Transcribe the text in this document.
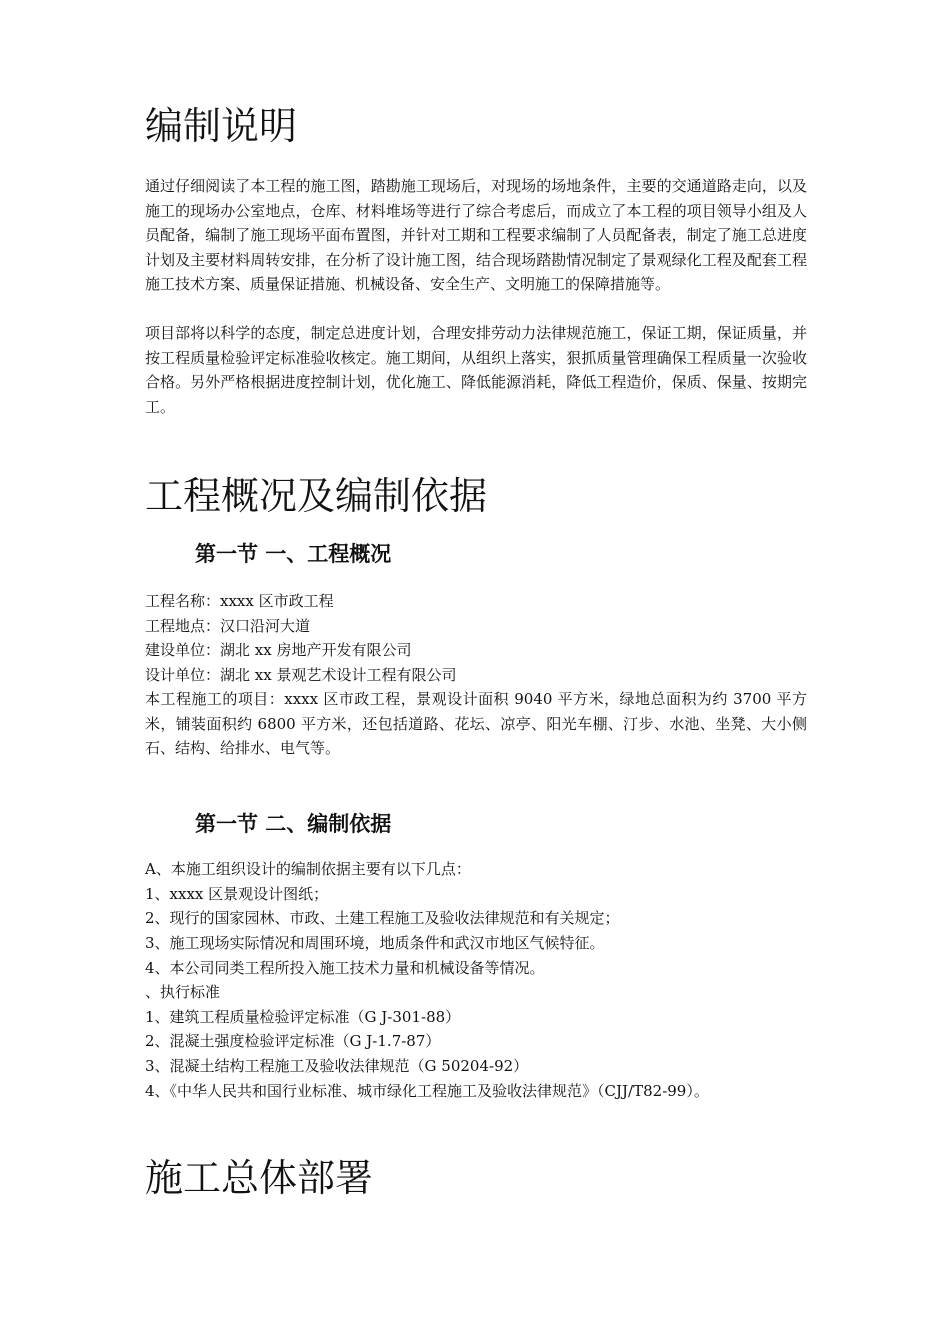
编制说明

通过仔细阅读了本工程的施工图，踏勘施工现场后，对现场的场地条件，主要的交通道路走向，以及施工的现场办公室地点，仓库、材料堆场等进行了综合考虑后，而成立了本工程的项目领导小组及人员配备，编制了施工现场平面布置图，并针对工期和工程要求编制了人员配备表，制定了施工总进度计划及主要材料周转安排，在分析了设计施工图，结合现场踏勘情况制定了景观绿化工程及配套工程施工技术方案、质量保证措施、机械设备、安全生产、文明施工的保障措施等。

项目部将以科学的态度，制定总进度计划，合理安排劳动力法律规范施工，保证工期，保证质量，并按工程质量检验评定标准验收核定。施工期间，从组织上落实，狠抓质量管理确保工程质量一次验收合格。另外严格根据进度控制计划，优化施工、降低能源消耗，降低工程造价，保质、保量、按期完工。

工程概况及编制依据
第一节 一、工程概况

工程名称：xxxx 区市政工程

工程地点：汉口沿河大道

建设单位：湖北 xx 房地产开发有限公司

设计单位：湖北 xx 景观艺术设计工程有限公司

本工程施工的项目：xxxx 区市政工程，景观设计面积 9040 平方米，绿地总面积为约 3700 平方米，铺装面积约 6800 平方米，还包括道路、花坛、凉亭、阳光车棚、汀步、水池、坐凳、大小侧石、结构、给排水、电气等。

第一节 二、编制依据

A、本施工组织设计的编制依据主要有以下几点：

1、xxxx 区景观设计图纸；

2、现行的国家园林、市政、土建工程施工及验收法律规范和有关规定；

3、施工现场实际情况和周围环境，地质条件和武汉市地区气候特征。

4、本公司同类工程所投入施工技术力量和机械设备等情况。

、执行标准

1、建筑工程质量检验评定标准（G J-301-88）

2、混凝土强度检验评定标准（G J-1.7-87）

3、混凝土结构工程施工及验收法律规范（G 50204-92）

4、《中华人民共和国行业标准、城市绿化工程施工及验收法律规范》（CJJ/T82-99）。

施工总体部署
